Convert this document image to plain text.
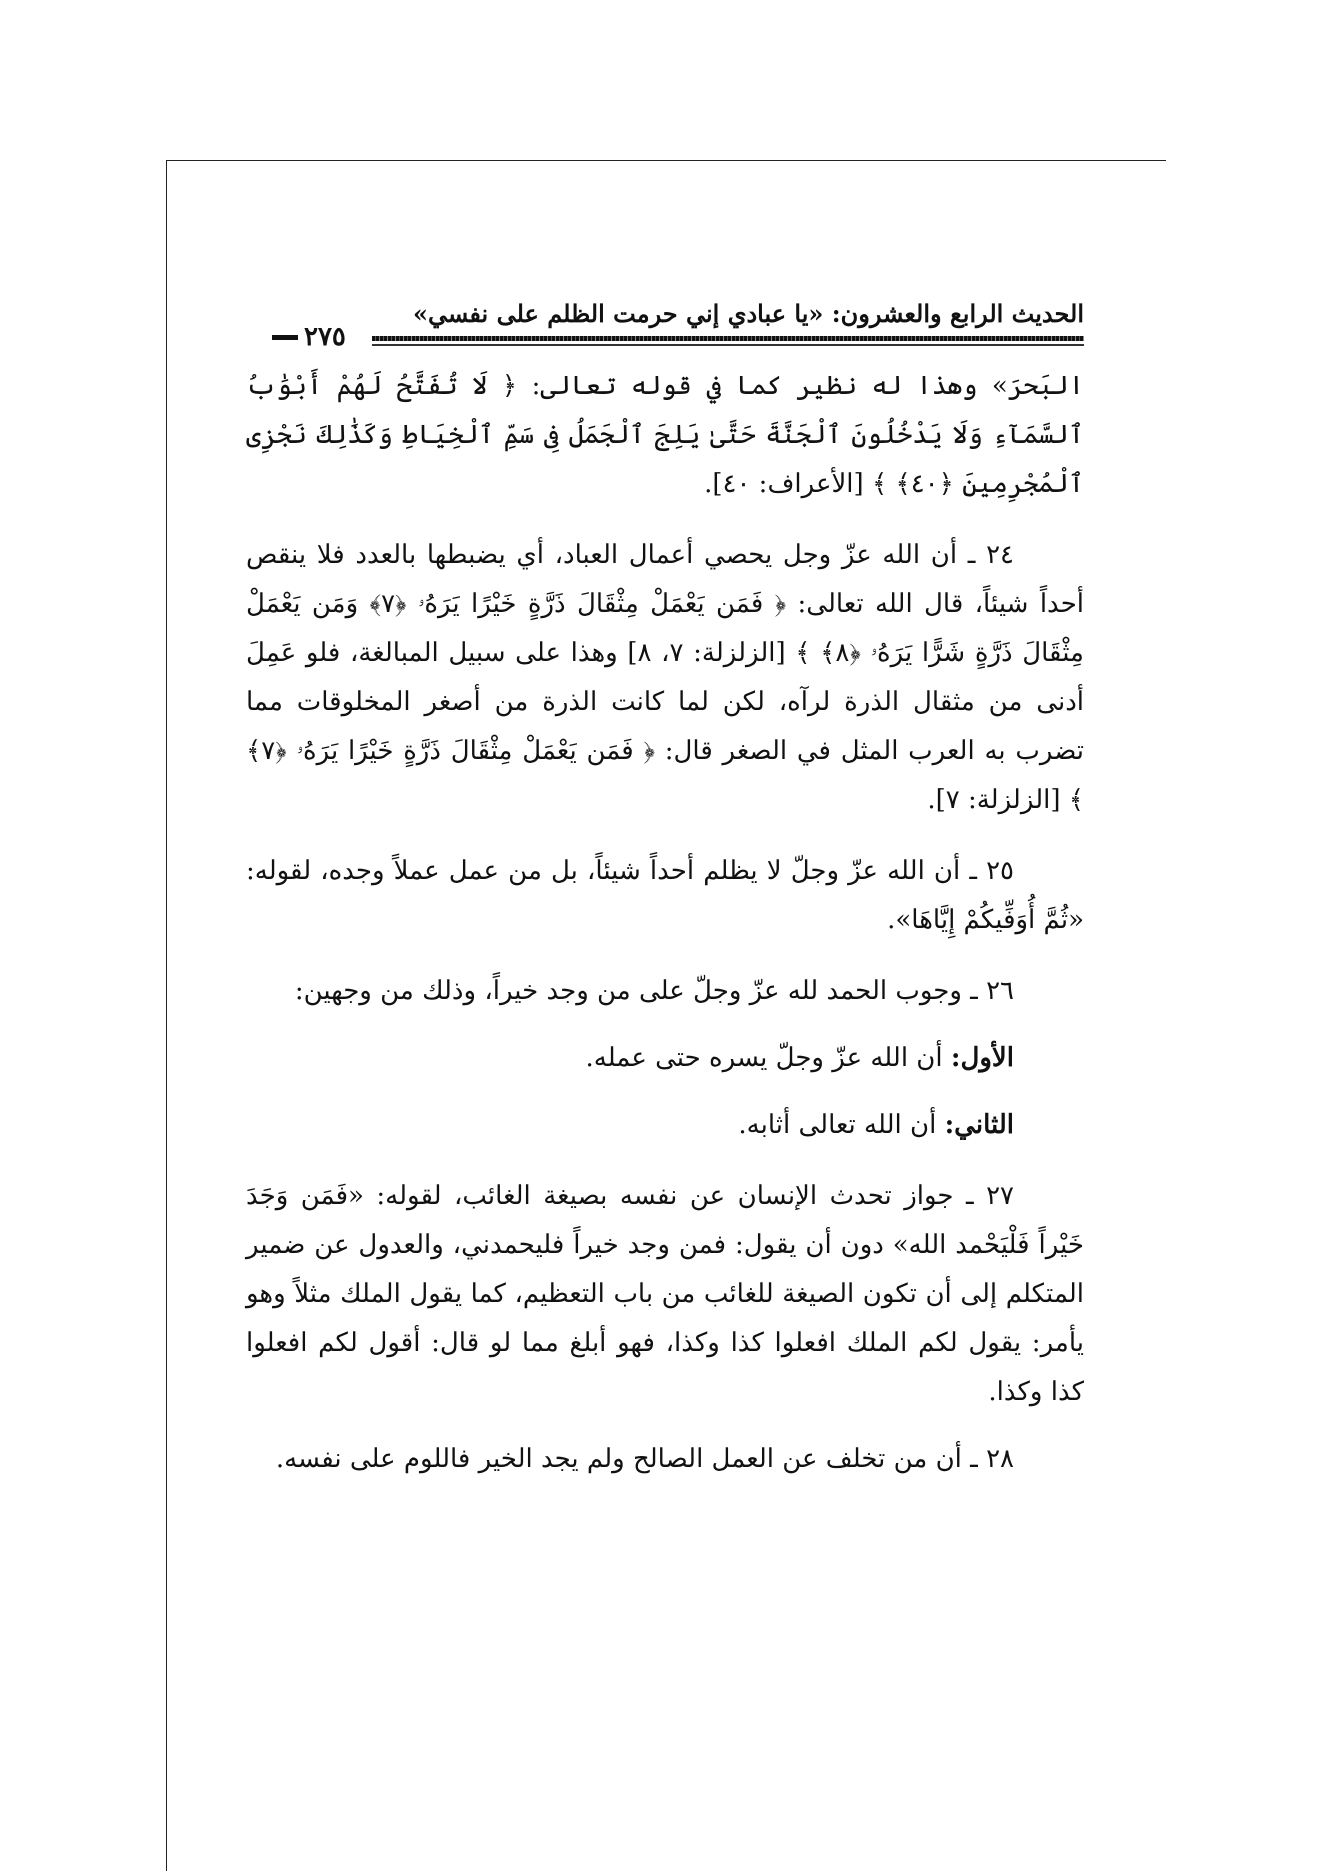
الحديث الرابع والعشرون: «يا عبادي إني حرمت الظلم على نفسي»
٢٧٥

البَحرَ» وهذا له نظير كما في قوله تعالى: ﴿ لَا تُفَتَّحُ لَهُمْ أَبْوَٰبُ ٱلسَّمَآءِ وَلَا يَدْخُلُونَ ٱلْجَنَّةَ حَتَّىٰ يَلِجَ ٱلْجَمَلُ فِى سَمِّ ٱلْخِيَاطِ وَكَذَٰلِكَ نَجْزِى ٱلْمُجْرِمِينَ ﴿٤٠﴾ ﴾ [الأعراف: ٤٠].

٢٤ ـ أن الله عزّ وجل يحصي أعمال العباد، أي يضبطها بالعدد فلا ينقص أحداً شيئاً، قال الله تعالى: ﴿ فَمَن يَعْمَلْ مِثْقَالَ ذَرَّةٍ خَيْرًا يَرَهُۥ ﴿٧﴾ وَمَن يَعْمَلْ مِثْقَالَ ذَرَّةٍ شَرًّا يَرَهُۥ ﴿٨﴾ ﴾ [الزلزلة: ٧، ٨] وهذا على سبيل المبالغة، فلو عَمِلَ أدنى من مثقال الذرة لرآه، لكن لما كانت الذرة من أصغر المخلوقات مما تضرب به العرب المثل في الصغر قال: ﴿ فَمَن يَعْمَلْ مِثْقَالَ ذَرَّةٍ خَيْرًا يَرَهُۥ ﴿٧﴾ ﴾ [الزلزلة: ٧].

٢٥ ـ أن الله عزّ وجلّ لا يظلم أحداً شيئاً، بل من عمل عملاً وجده، لقوله: «ثُمَّ أُوَفِّيكُمْ إِيَّاهَا».

٢٦ ـ وجوب الحمد لله عزّ وجلّ على من وجد خيراً، وذلك من وجهين:

الأول: أن الله عزّ وجلّ يسره حتى عمله.

الثاني: أن الله تعالى أثابه.

٢٧ ـ جواز تحدث الإنسان عن نفسه بصيغة الغائب، لقوله: «فَمَن وَجَدَ خَيْراً فَلْيَحْمد الله» دون أن يقول: فمن وجد خيراً فليحمدني، والعدول عن ضمير المتكلم إلى أن تكون الصيغة للغائب من باب التعظيم، كما يقول الملك مثلاً وهو يأمر: يقول لكم الملك افعلوا كذا وكذا، فهو أبلغ مما لو قال: أقول لكم افعلوا كذا وكذا.

٢٨ ـ أن من تخلف عن العمل الصالح ولم يجد الخير فاللوم على نفسه.
